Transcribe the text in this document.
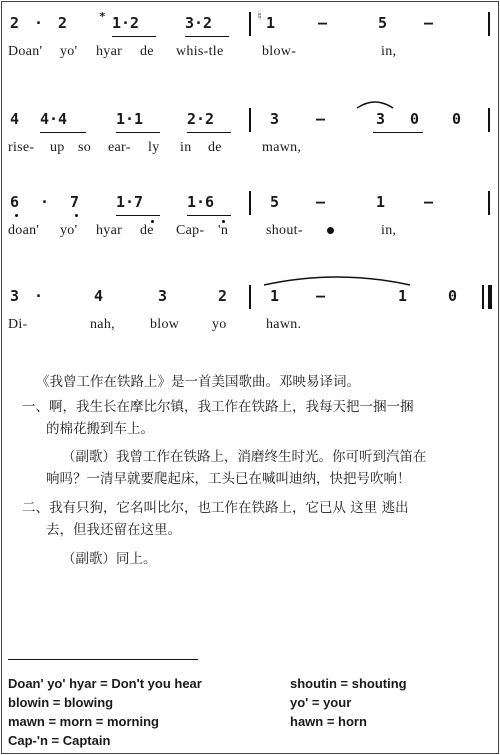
2 · 2	* 1·2	3·2	♮ 1	—	5 —
Doan' yo' hyar de whis-tle	blow-	in,
4 4·4	1·1	2·2	3 —	3 0 0
rise- up so ear- ly in de	mawn,
6 · 7 1·7	1·6	5 —	1	—
doan' yo' hyar de Cap- 'n	shout-	in,
3 ·	4	3	2	1 —	1	0
Di-	nah,	blow yo	hawn.
《我曾工作在铁路上》是一首美国歌曲。邓映易译词。
一、啊，我生长在摩比尔镇，我工作在铁路上，我每天把一捆一捆
的棉花搬到车上。
（副歌）我曾工作在铁路上，消磨终生时光。你可听到汽笛在
响吗？一清早就要爬起床，工头已在喊叫迪纳，快把号吹响！
二、我有只狗，它名叫比尔，也工作在铁路上，它已从 这里 逃出
去，但我还留在这里。
（副歌）同上。
Doan' yo' hyar = Don't you hear	shoutin = shouting
blowin = blowing	yo' = your
mawn = morn = morning	hawn = horn
Cap-'n = Captain
